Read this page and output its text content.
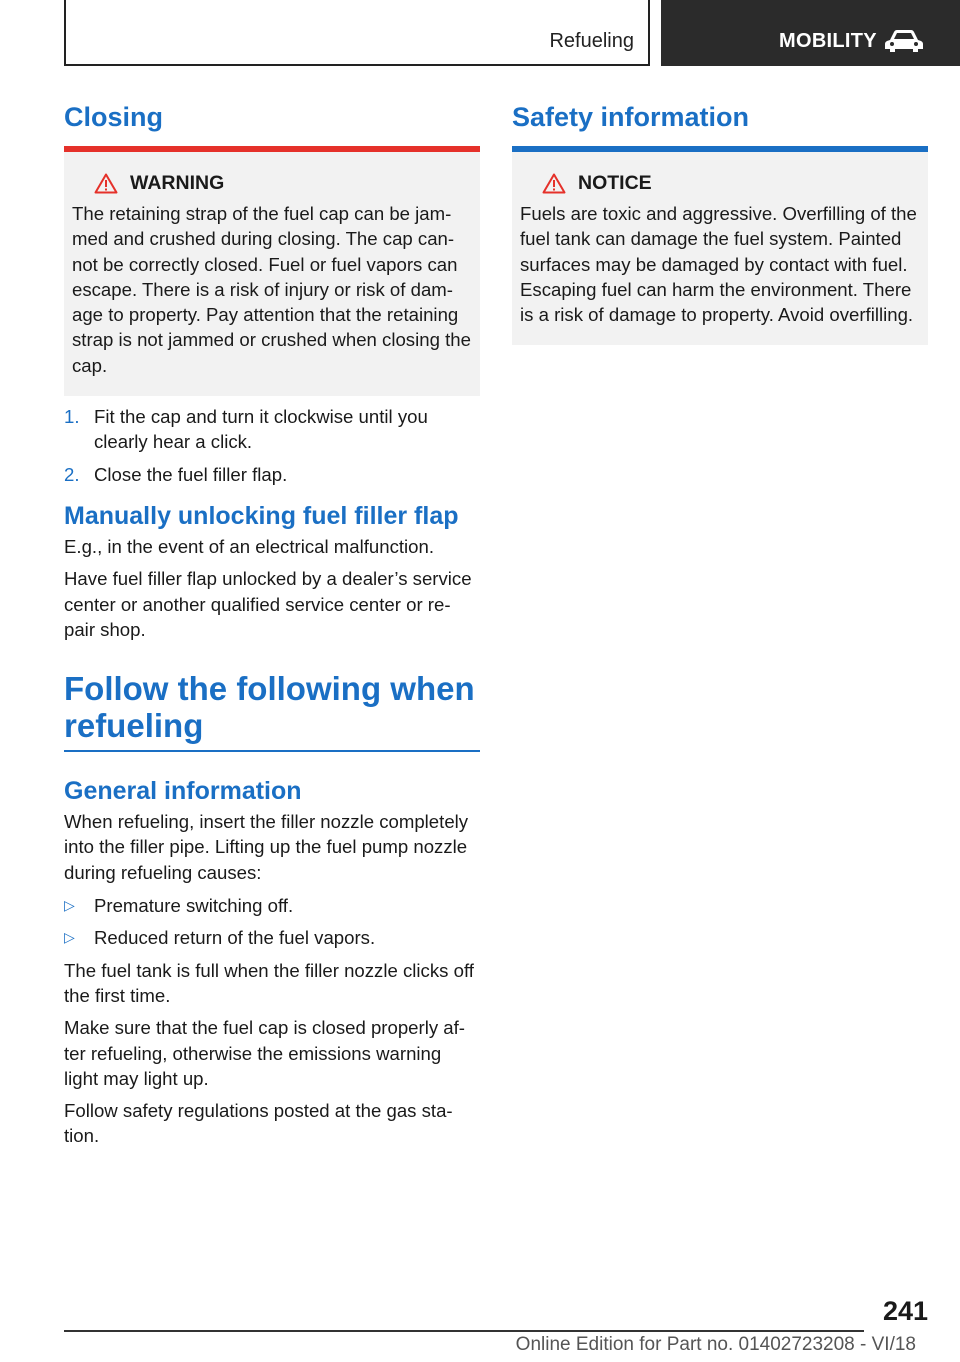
Refueling	MOBILITY
Closing
WARNING

The retaining strap of the fuel cap can be jam-med and crushed during closing. The cap can-not be correctly closed. Fuel or fuel vapors can escape. There is a risk of injury or risk of dam-age to property. Pay attention that the retaining strap is not jammed or crushed when closing the cap.

1. Fit the cap and turn it clockwise until you clearly hear a click.
2. Close the fuel filler flap.
Manually unlocking fuel filler flap

E.g., in the event of an electrical malfunction.

Have fuel filler flap unlocked by a dealer’s service center or another qualified service center or re-pair shop.

Follow the following when refueling
General information

When refueling, insert the filler nozzle completely into the filler pipe. Lifting up the fuel pump nozzle during refueling causes:

▷ Premature switching off.
▷ Reduced return of the fuel vapors.

The fuel tank is full when the filler nozzle clicks off the first time.

Make sure that the fuel cap is closed properly af-ter refueling, otherwise the emissions warning light may light up.

Follow safety regulations posted at the gas sta-tion.

Safety information
NOTICE

Fuels are toxic and aggressive. Overfilling of the fuel tank can damage the fuel system. Painted surfaces may be damaged by contact with fuel. Escaping fuel can harm the environment. There is a risk of damage to property. Avoid overfilling.

241
Online Edition for Part no. 01402723208 - VI/18
